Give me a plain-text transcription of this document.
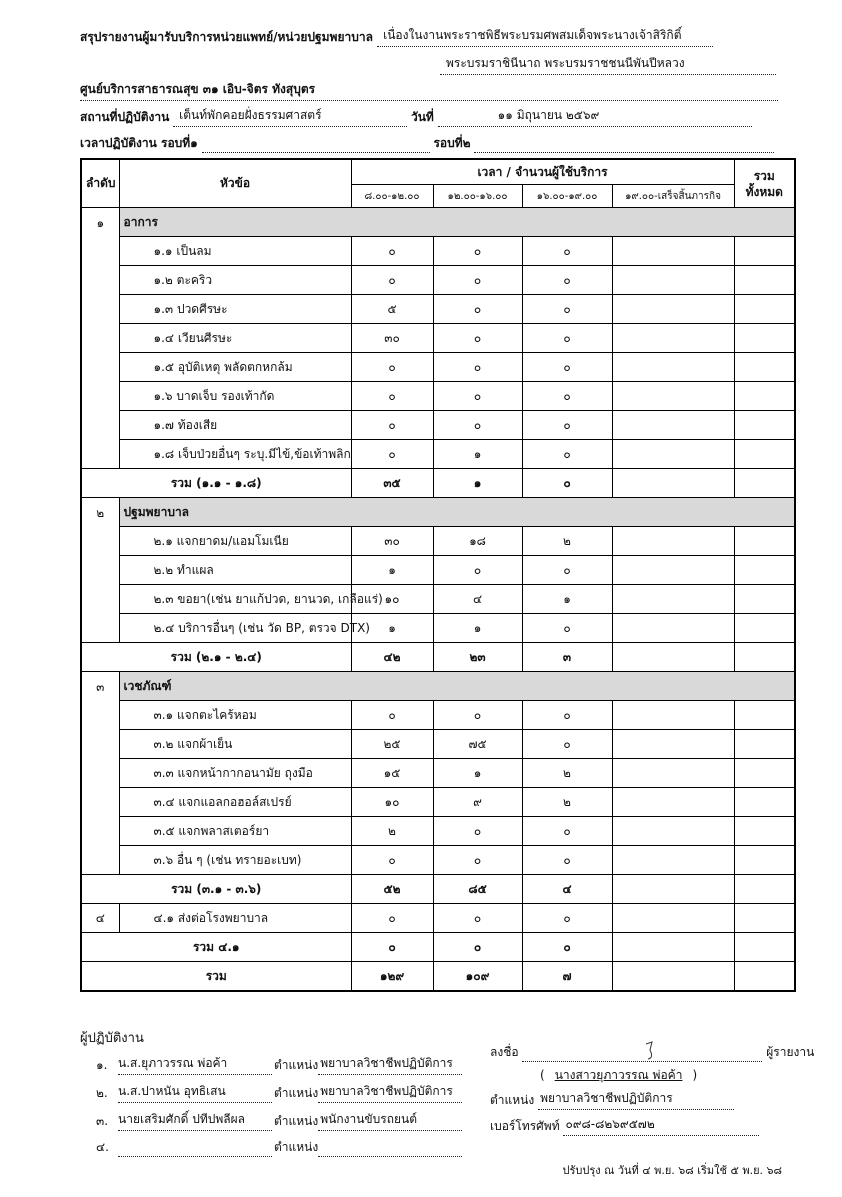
สรุปรายงานผู้มารับบริการหน่วยแพทย์/หน่วยปฐมพยาบาล เนื่องในงานพระราชพิธีพระบรมศพสมเด็จพระนางเจ้าสิริกิติ์
พระบรมราชินีนาถ พระบรมราชชนนีพันปีหลวง
ศูนย์บริการสาธารณสุข ๓๑ เอิบ-จิตร ทังสุบุตร
สถานที่ปฏิบัติงาน เต็นท์พักคอยฝั่งธรรมศาสตร์	วันที่	๑๑ มิถุนายน ๒๕๖๙
เวลาปฏิบัติงาน รอบที่๑	รอบที่๒
ลำดับ	หัวข้อ	เวลา / จำนวนผู้ใช้บริการ				รวม ทั้งหมด
		๘.๐๐-๑๒.๐๐	๑๒.๐๐-๑๖.๐๐	๑๖.๐๐-๑๙.๐๐	๑๙.๐๐-เสร็จสิ้นภารกิจ	
๑	อาการ					
	๑.๑ เป็นลม	๐	๐	๐		
	๑.๒ ตะคริว	๐	๐	๐		
	๑.๓ ปวดศีรษะ	๕	๐	๐		
	๑.๔ เวียนศีรษะ	๓๐	๐	๐		
	๑.๕ อุบัติเหตุ พลัดตกหกล้ม	๐	๐	๐		
	๑.๖ บาดเจ็บ รองเท้ากัด	๐	๐	๐		
	๑.๗ ท้องเสีย	๐	๐	๐		
	๑.๘ เจ็บป่วยอื่นๆ ระบุ.มีไข้,ข้อเท้าพลิก	๐	๑	๐		
รวม (๑.๑ - ๑.๘)		๓๕	๑	๐		
๒	ปฐมพยาบาล					
	๒.๑ แจกยาดม/แอมโมเนีย	๓๐	๑๘	๒		
	๒.๒ ทำแผล	๑	๐	๐		
	๒.๓ ขอยา(เช่น ยาแก้ปวด, ยานวด, เกลือแร่)	๑๐	๔	๑		
	๒.๔ บริการอื่นๆ (เช่น วัด BP, ตรวจ DTX)	๑	๑	๐		
รวม (๒.๑ - ๒.๔)		๔๒	๒๓	๓		
๓	เวชภัณฑ์					
	๓.๑ แจกตะไคร้หอม	๐	๐	๐		
	๓.๒ แจกผ้าเย็น	๒๕	๗๕	๐		
	๓.๓ แจกหน้ากากอนามัย ถุงมือ	๑๕	๑	๒		
	๓.๔ แจกแอลกอฮอล์สเปรย์	๑๐	๙	๒		
	๓.๕ แจกพลาสเตอร์ยา	๒	๐	๐		
	๓.๖ อื่น ๆ (เช่น ทรายอะเบท)	๐	๐	๐		
รวม (๓.๑ - ๓.๖)		๕๒	๘๕	๔		
๔	๔.๑ ส่งต่อโรงพยาบาล	๐	๐	๐		
รวม ๔.๑		๐	๐	๐		
รวม		๑๒๙	๑๐๙	๗		
ผู้ปฏิบัติงาน
๑. น.ส.ยุภาวรรณ พ่อค้า	ตำแหน่ง พยาบาลวิชาชีพปฏิบัติการ
๒. น.ส.ปาหนัน อุทธิเสน	ตำแหน่ง พยาบาลวิชาชีพปฏิบัติการ
๓. นายเสริมศักดิ์ ปทีปพลีผล ตำแหน่ง พนักงานขับรถยนต์
๔.	ตำแหน่ง
ลงชื่อ	ผู้รายงาน
( นางสาวยุภาวรรณ พ่อค้า )
ตำแหน่ง พยาบาลวิชาชีพปฏิบัติการ
เบอร์โทรศัพท์ ๐๙๘-๘๒๖๙๕๗๒
ปรับปรุง ณ วันที่ ๔ พ.ย. ๖๘ เริ่มใช้ ๕ พ.ย. ๖๘
